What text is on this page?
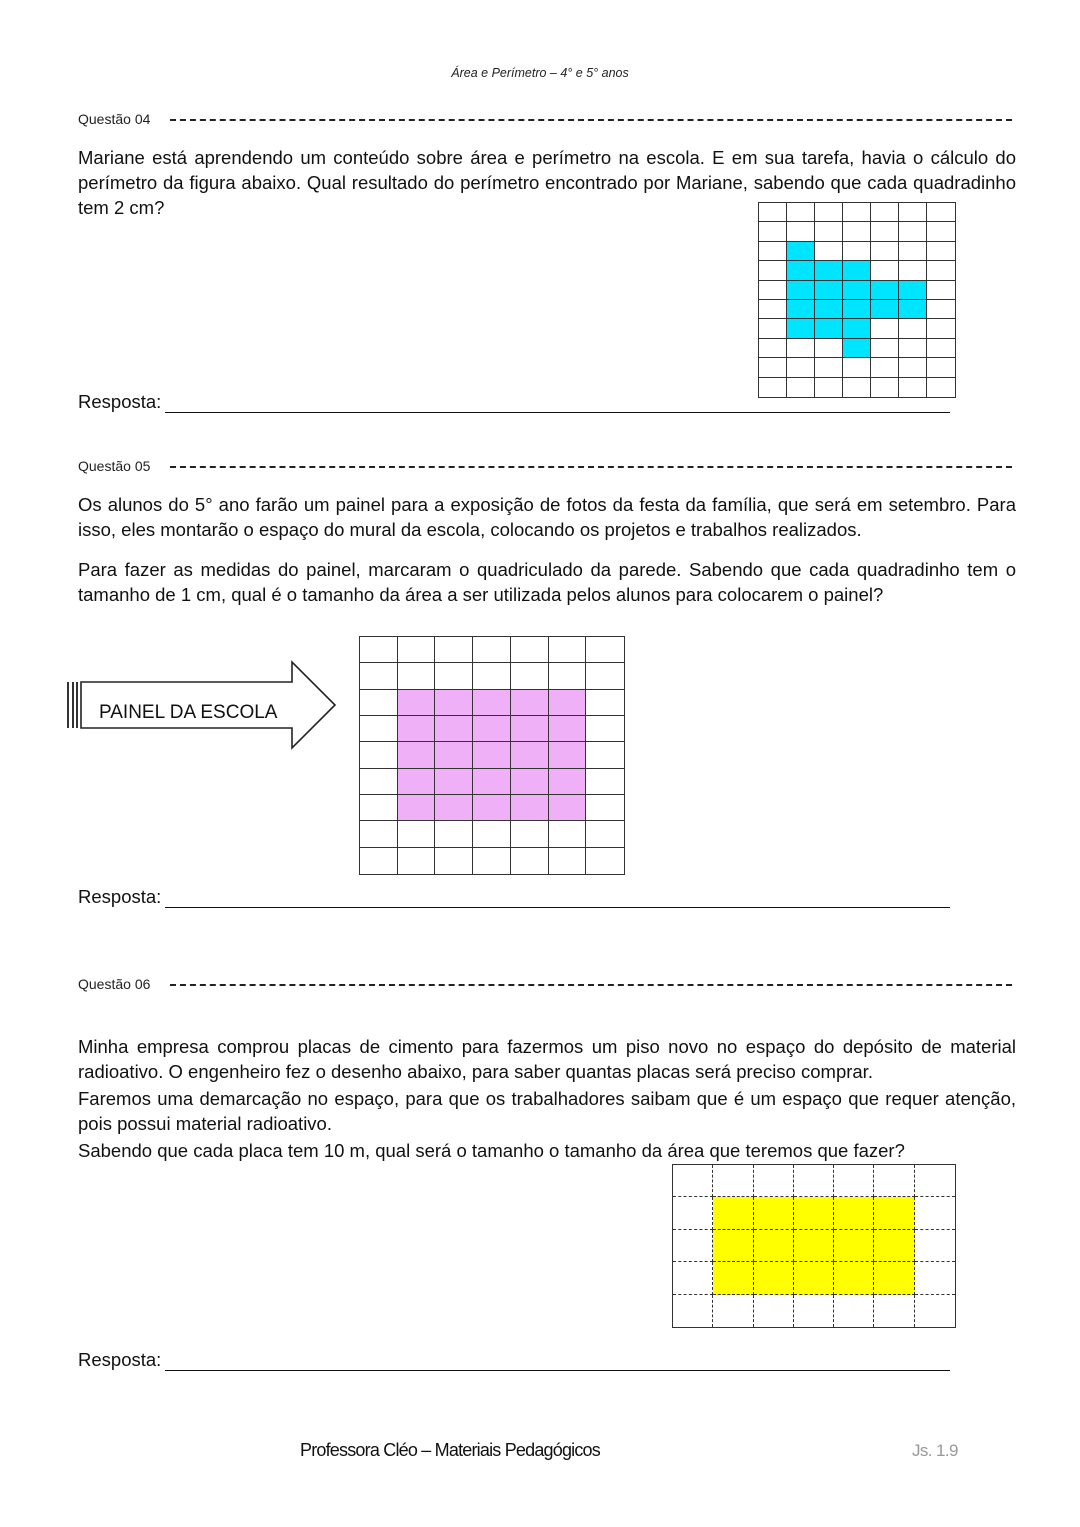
Área e Perímetro – 4° e 5° anos
Questão 04
Mariane está aprendendo um conteúdo sobre área e perímetro na escola. E em sua tarefa, havia o cálculo do perímetro da figura abaixo. Qual resultado do perímetro encontrado por Mariane, sabendo que cada quadradinho tem 2 cm?
Resposta:
Questão 05
Os alunos do 5° ano farão um painel para a exposição de fotos da festa da família, que será em setembro. Para isso, eles montarão o espaço do mural da escola, colocando os projetos e trabalhos realizados.
Para fazer as medidas do painel, marcaram o quadriculado da parede. Sabendo que cada quadradinho tem o tamanho de 1 cm, qual é o tamanho da área a ser utilizada pelos alunos para colocarem o painel?
PAINEL DA ESCOLA
Resposta:
Questão 06
Minha empresa comprou placas de cimento para fazermos um piso novo no espaço do depósito de material radioativo. O engenheiro fez o desenho abaixo, para saber quantas placas será preciso comprar.
Faremos uma demarcação no espaço, para que os trabalhadores saibam que é um espaço que requer atenção, pois possui material radioativo.
Sabendo que cada placa tem 10 m, qual será o tamanho o tamanho da área que teremos que fazer?
Resposta:
Professora Cléo – Materiais Pedagógicos	Js. 1.9
